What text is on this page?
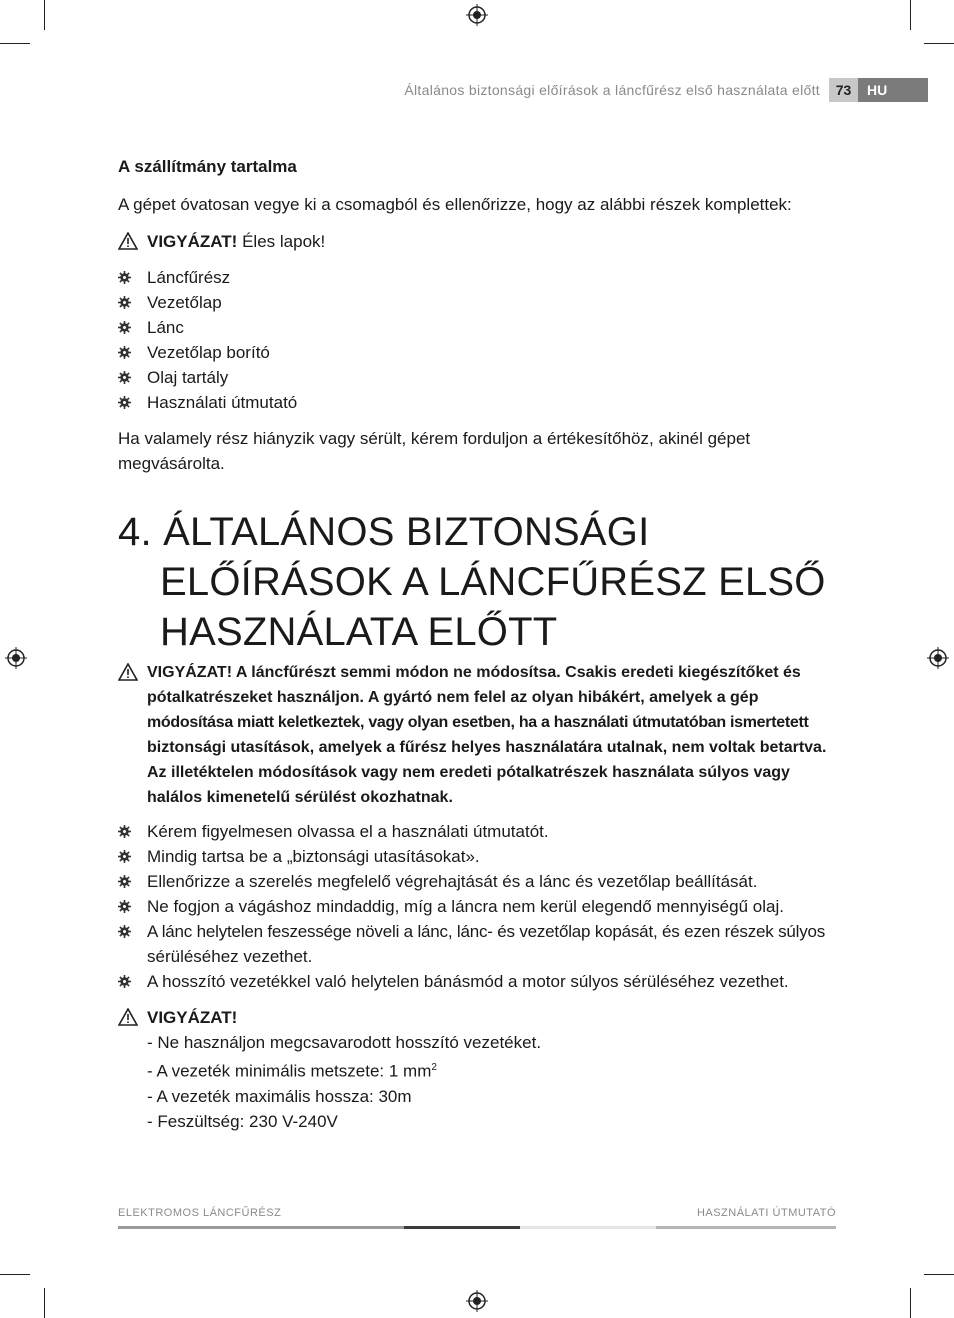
Általános biztonsági előírások a láncfűrész első használata előtt	73	HU
A szállítmány tartalma
A gépet óvatosan vegye ki a csomagból és ellenőrizze, hogy az alábbi részek komplettek:
VIGYÁZAT! Éles lapok!
Láncfűrész
Vezetőlap
Lánc
Vezetőlap borító
Olaj tartály
Használati útmutató
Ha valamely rész hiányzik vagy sérült, kérem forduljon a értékesítőhöz, akinél gépet
megvásárolta.
4. ÁLTALÁNOS BIZTONSÁGI
ELŐÍRÁSOK A LÁNCFŰRÉSZ ELSŐ
HASZNÁLATA ELŐTT
VIGYÁZAT! A láncfűrészt semmi módon ne módosítsa. Csakis eredeti kiegészítőket és
pótalkatrészeket használjon. A gyártó nem felel az olyan hibákért, amelyek a gép
módosítása miatt keletkeztek, vagy olyan esetben, ha a használati útmutatóban ismertetett
biztonsági utasítások, amelyek a fűrész helyes használatára utalnak, nem voltak betartva.
Az illetéktelen módosítások vagy nem eredeti pótalkatrészek használata súlyos vagy
halálos kimenetelű sérülést okozhatnak.
Kérem figyelmesen olvassa el a használati útmutatót.
Mindig tartsa be a „biztonsági utasításokat».
Ellenőrizze a szerelés megfelelő végrehajtását és a lánc és vezetőlap beállítását.
Ne fogjon a vágáshoz mindaddig, míg a láncra nem kerül elegendő mennyiségű olaj.
A lánc helytelen feszessége növeli a lánc, lánc- és vezetőlap kopását, és ezen részek súlyos
sérüléséhez vezethet.
A hosszító vezetékkel való helytelen bánásmód a motor súlyos sérüléséhez vezethet.
VIGYÁZAT!
- Ne használjon megcsavarodott hosszító vezetéket.
- A vezeték minimális metszete: 1 $mm^2$
- A vezeték maximális hossza: 30m
- Feszültség: 230 V-240V
ELEKTROMOS LÁNCFŰRÉSZ	HASZNÁLATI ÚTMUTATÓ
